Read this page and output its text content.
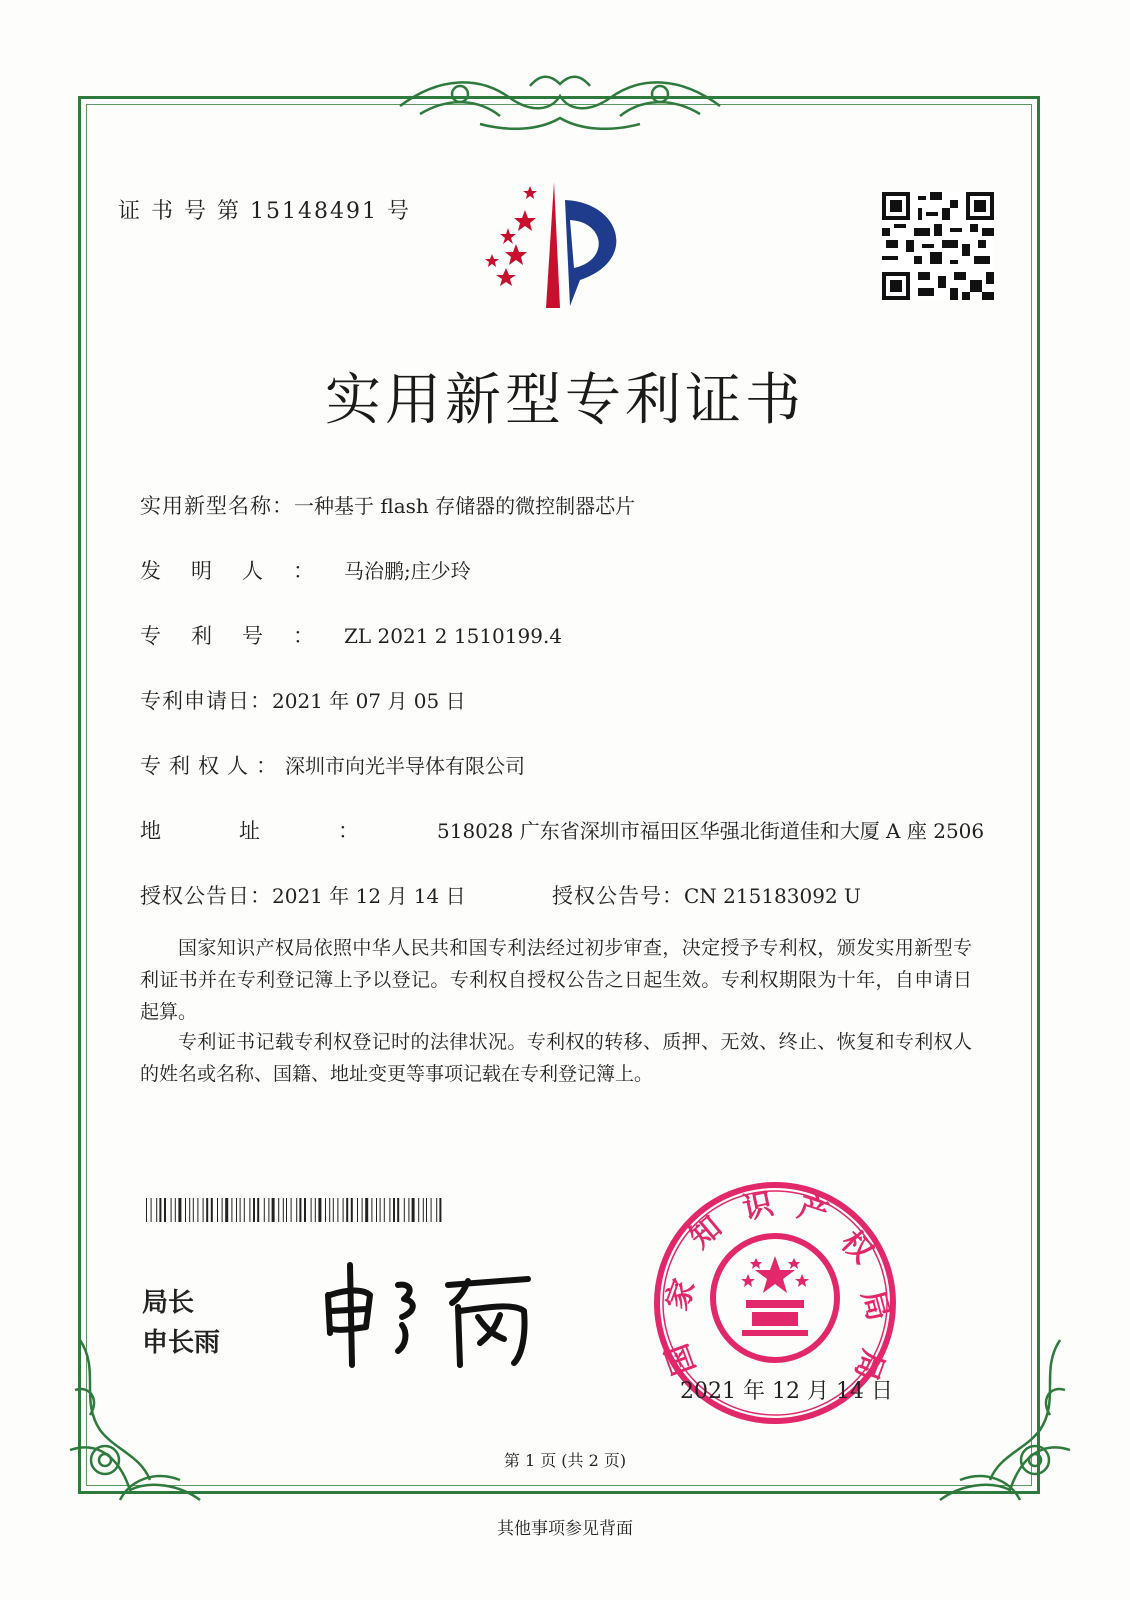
证 书 号 第 15148491 号
实用新型专利证书
实用新型名称： 一种基于 flash 存储器的微控制器芯片
发明人： 马治鹏;庄少玲
专利号： ZL 2021 2 1510199.4
专利申请日： 2021 年 07 月 05 日
专利权人： 深圳市向光半导体有限公司
地址： 518028 广东省深圳市福田区华强北街道佳和大厦 A 座 2506
授权公告日： 2021 年 12 月 14 日	授权公告号： CN 215183092 U
国家知识产权局依照中华人民共和国专利法经过初步审查，决定授予专利权，颁发实用新型专利证书并在专利登记簿上予以登记。专利权自授权公告之日起生效。专利权期限为十年，自申请日起算。
专利证书记载专利权登记时的法律状况。专利权的转移、质押、无效、终止、恢复和专利权人的姓名或名称、国籍、地址变更等事项记载在专利登记簿上。
局长
申长雨
家
知
识 产
权
局
国	局
2021 年 12 月 14 日
第 1 页 (共 2 页)
其他事项参见背面
